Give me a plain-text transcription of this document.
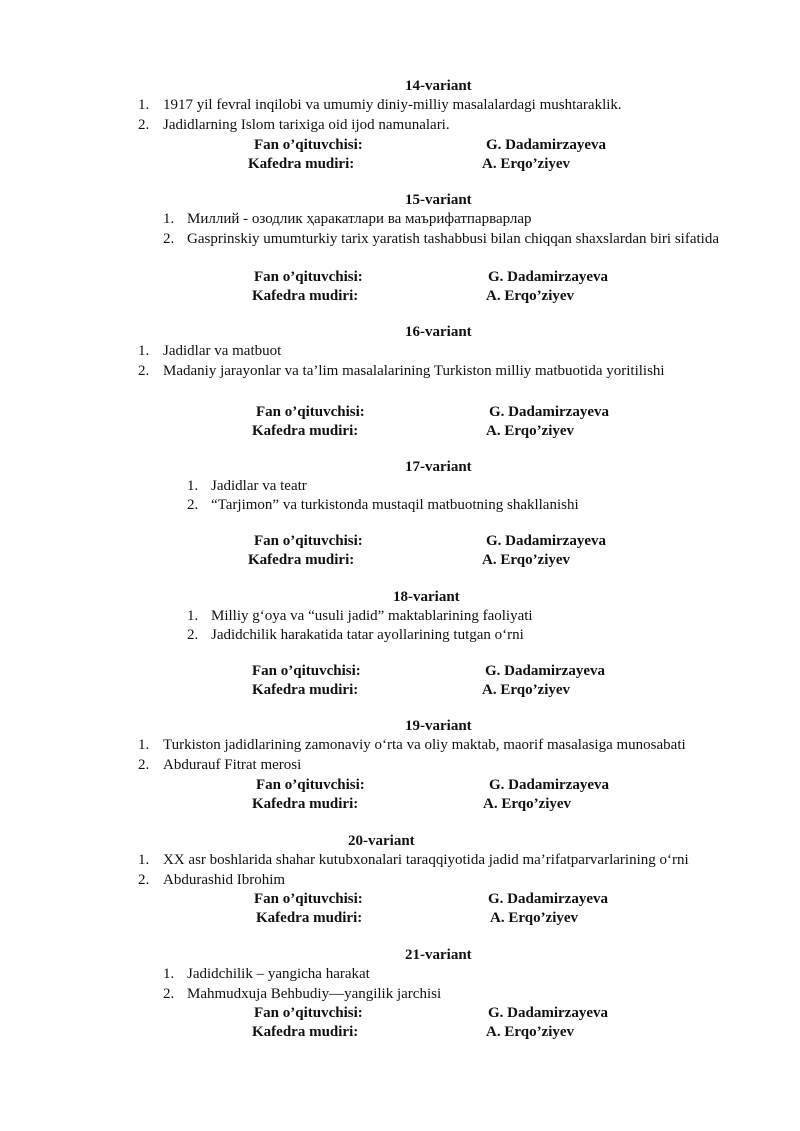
14-variant
1. 1917 yil fevral inqilobi va umumiy diniy-milliy masalalardagi mushtaraklik.
2. Jadidlarning Islom tarixiga oid ijod namunalari.
Fan o’qituvchisi:	G. Dadamirzayeva
Kafedra mudiri:	A. Erqo’ziyev
15-variant
1. Миллий - озодлик ҳаракатлари ва маърифатпарварлар
2. Gasprinskiy umumturkiy tarix yaratish tashabbusi bilan chiqqan shaxslardan biri sifatida
Fan o’qituvchisi:	G. Dadamirzayeva
Kafedra mudiri:	A. Erqo’ziyev
16-variant
1. Jadidlar va matbuot
2. Madaniy jarayonlar va ta’lim masalalarining Turkiston milliy matbuotida yoritilishi
Fan o’qituvchisi:	G. Dadamirzayeva
Kafedra mudiri:	A. Erqo’ziyev
17-variant
1. Jadidlar va teatr
2. “Tarjimon” va turkistonda mustaqil matbuotning shakllanishi
Fan o’qituvchisi:	G. Dadamirzayeva
Kafedra mudiri:	A. Erqo’ziyev
18-variant
1. Milliy g‘oya va “usuli jadid” maktablarining faoliyati
2. Jadidchilik harakatida tatar ayollarining tutgan o‘rni
Fan o’qituvchisi:	G. Dadamirzayeva
Kafedra mudiri:	A. Erqo’ziyev
19-variant
1. Turkiston jadidlarining zamonaviy o‘rta va oliy maktab, maorif masalasiga munosabati
2. Abdurauf Fitrat merosi
Fan o’qituvchisi:	G. Dadamirzayeva
Kafedra mudiri:	A. Erqo’ziyev
20-variant
1. XX asr boshlarida shahar kutubxonalari taraqqiyotida jadid ma’rifatparvarlarining o‘rni
2. Abdurashid Ibrohim
Fan o’qituvchisi:	G. Dadamirzayeva
Kafedra mudiri:	A. Erqo’ziyev
21-variant
1. Jadidchilik – yangicha harakat
2. Mahmudxuja Behbudiy—yangilik jarchisi
Fan o’qituvchisi:	G. Dadamirzayeva
Kafedra mudiri:	A. Erqo’ziyev
